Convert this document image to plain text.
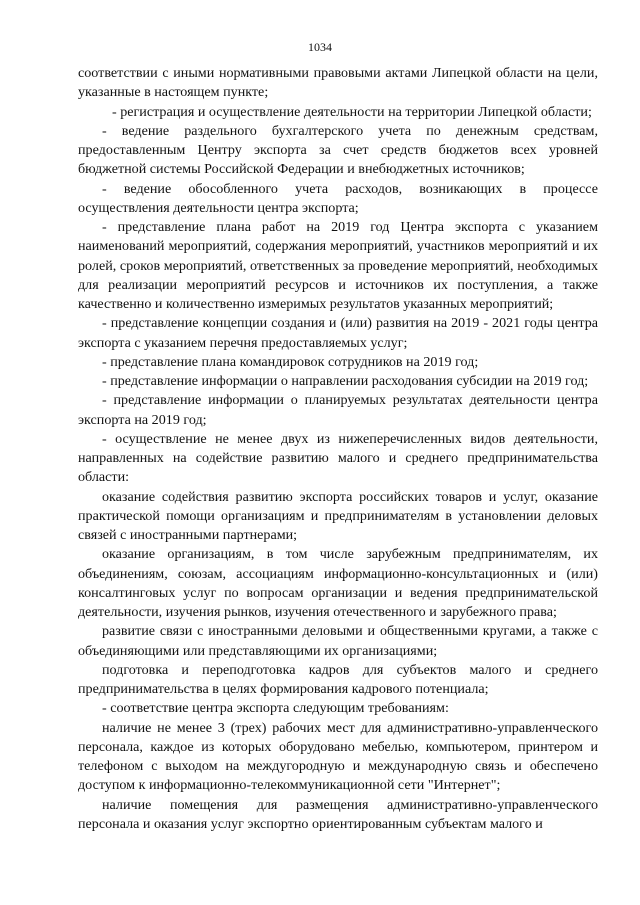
1034

соответствии с иными нормативными правовыми актами Липецкой области на цели, указанные в настоящем пункте;

- регистрация и осуществление деятельности на территории Липецкой области;

- ведение раздельного бухгалтерского учета по денежным средствам, предоставленным Центру экспорта за счет средств бюджетов всех уровней бюджетной системы Российской Федерации и внебюджетных источников;

- ведение обособленного учета расходов, возникающих в процессе осуществления деятельности центра экспорта;

- представление плана работ на 2019 год Центра экспорта с указанием наименований мероприятий, содержания мероприятий, участников мероприятий и их ролей, сроков мероприятий, ответственных за проведение мероприятий, необходимых для реализации мероприятий ресурсов и источников их поступления, а также качественно и количественно измеримых результатов указанных мероприятий;

- представление концепции создания и (или) развития на 2019 - 2021 годы центра экспорта с указанием перечня предоставляемых услуг;

- представление плана командировок сотрудников на 2019 год;

- представление информации о направлении расходования субсидии на 2019 год;

- представление информации о планируемых результатах деятельности центра экспорта на 2019 год;

- осуществление не менее двух из нижеперечисленных видов деятельности, направленных на содействие развитию малого и среднего предпринимательства области:

оказание содействия развитию экспорта российских товаров и услуг, оказание практической помощи организациям и предпринимателям в установлении деловых связей с иностранными партнерами;

оказание организациям, в том числе зарубежным предпринимателям, их объединениям, союзам, ассоциациям информационно-консультационных и (или) консалтинговых услуг по вопросам организации и ведения предпринимательской деятельности, изучения рынков, изучения отечественного и зарубежного права;

развитие связи с иностранными деловыми и общественными кругами, а также с объединяющими или представляющими их организациями;

подготовка и переподготовка кадров для субъектов малого и среднего предпринимательства в целях формирования кадрового потенциала;

- соответствие центра экспорта следующим требованиям:

наличие не менее 3 (трех) рабочих мест для административно-управленческого персонала, каждое из которых оборудовано мебелью, компьютером, принтером и телефоном с выходом на междугородную и международную связь и обеспечено доступом к информационно-телекоммуникационной сети "Интернет";

наличие помещения для размещения административно-управленческого персонала и оказания услуг экспортно ориентированным субъектам малого и
